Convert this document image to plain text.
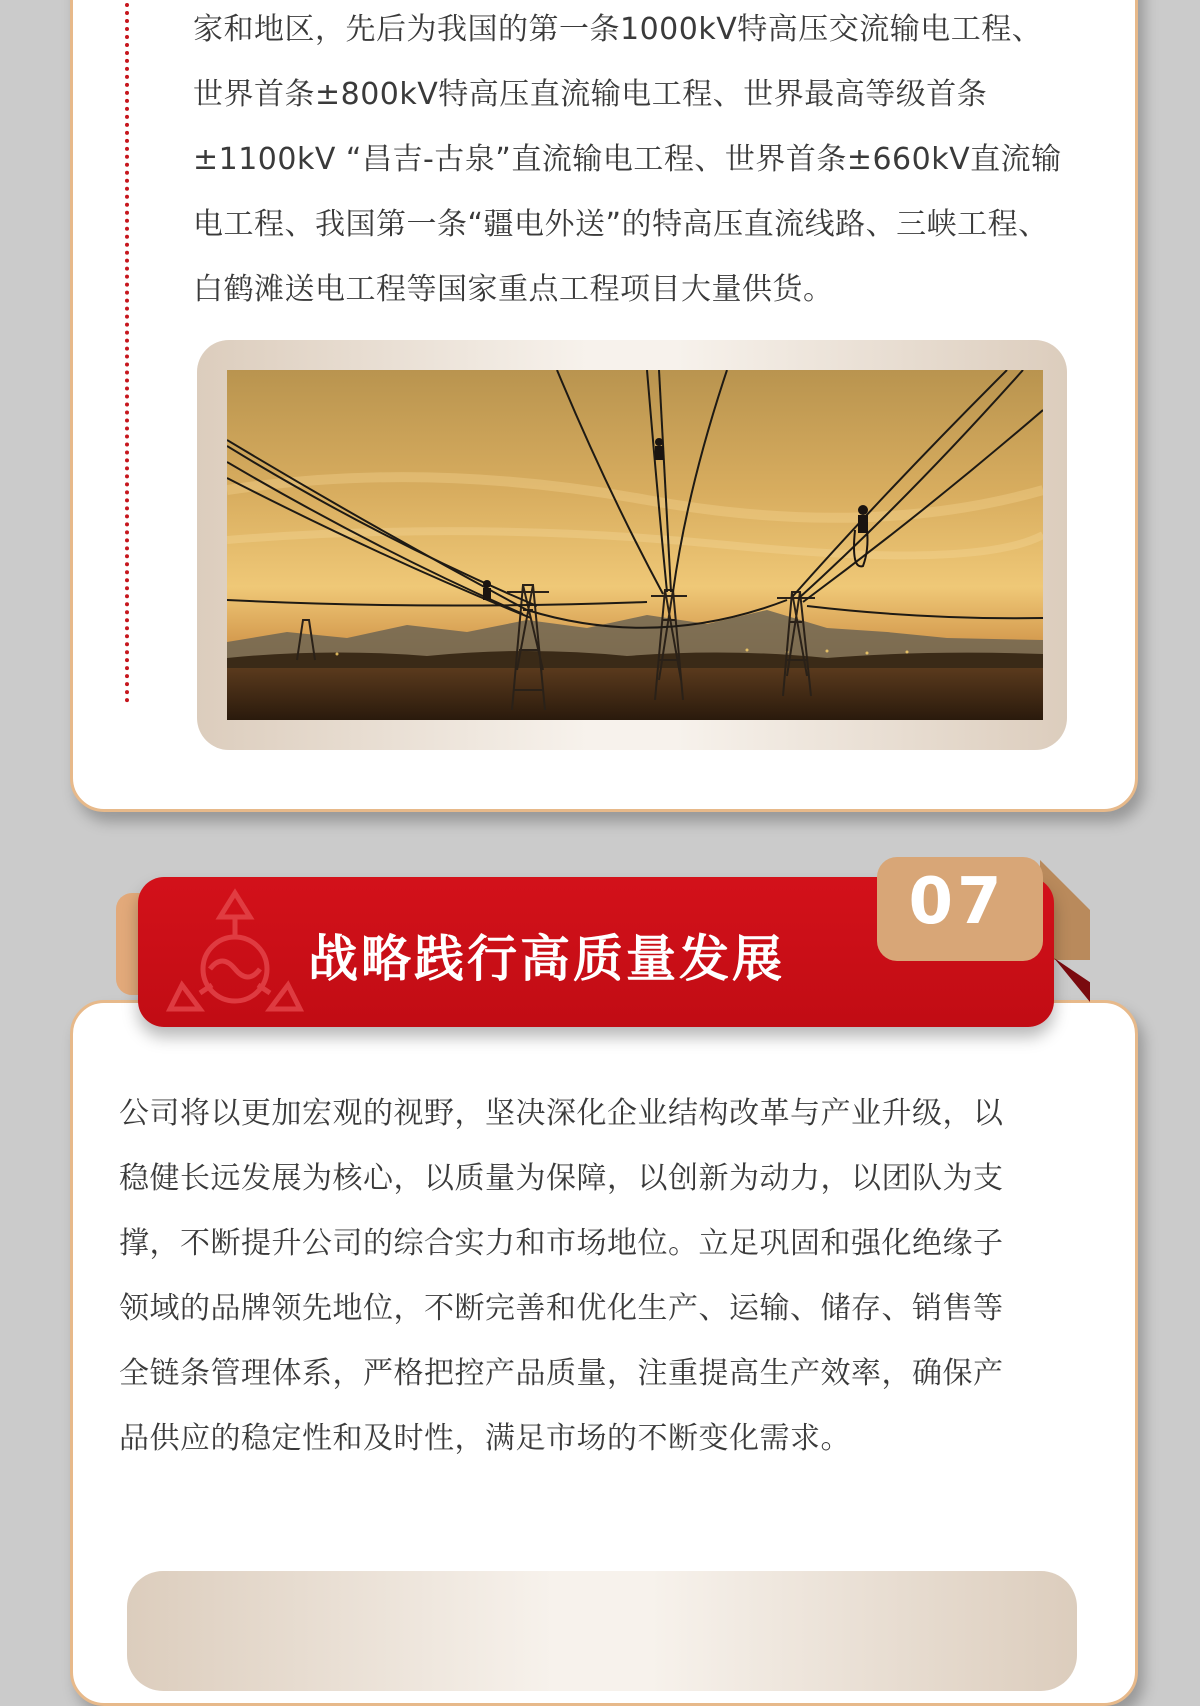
家和地区，先后为我国的第一条1000kV特高压交流输电工程、
世界首条±800kV特高压直流输电工程、世界最高等级首条
±1100kV “昌吉-古泉”直流输电工程、世界首条±660kV直流输
电工程、我国第一条“疆电外送”的特高压直流线路、三峡工程、
白鹤滩送电工程等国家重点工程项目大量供货。
公司将以更加宏观的视野，坚决深化企业结构改革与产业升级，以
稳健长远发展为核心，以质量为保障，以创新为动力，以团队为支
撑，不断提升公司的综合实力和市场地位。立足巩固和强化绝缘子
领域的品牌领先地位，不断完善和优化生产、运输、储存、销售等
全链条管理体系，严格把控产品质量，注重提高生产效率，确保产
品供应的稳定性和及时性，满足市场的不断变化需求。
战略践行高质量发展
07
